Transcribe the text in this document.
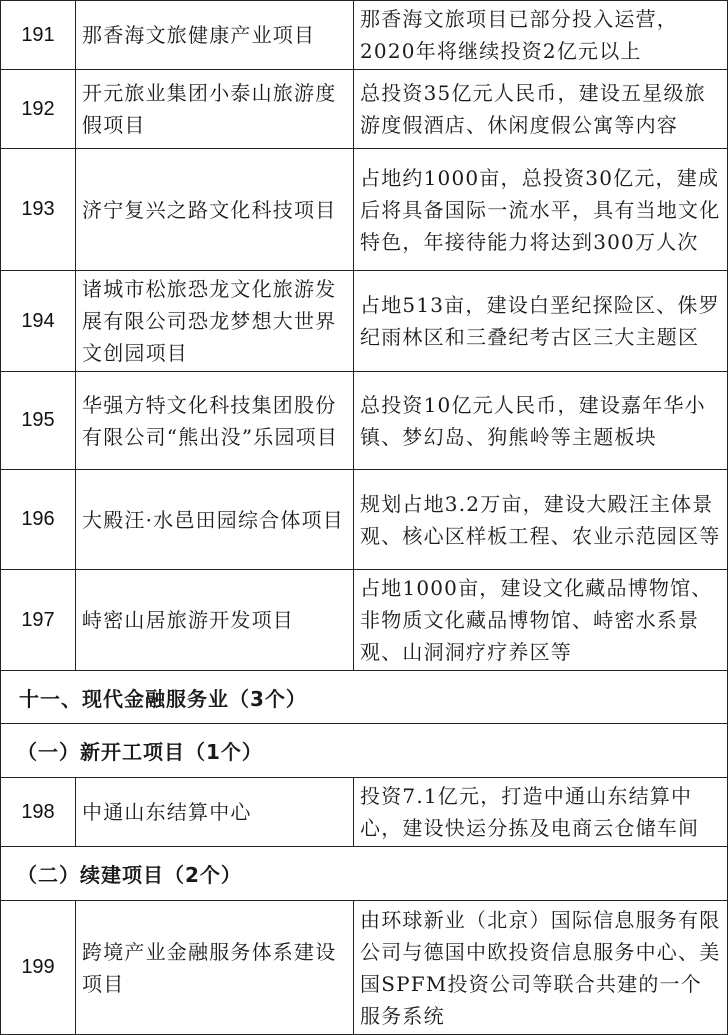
191	那香海文旅健康产业项目	那香海文旅项目已部分投入运营，2020年将继续投资2亿元以上
192	开元旅业集团小泰山旅游度假项目	总投资35亿元人民币，建设五星级旅游度假酒店、休闲度假公寓等内容
193	济宁复兴之路文化科技项目	占地约1000亩，总投资30亿元，建成后将具备国际一流水平，具有当地文化特色，年接待能力将达到300万人次
194	诸城市松旅恐龙文化旅游发展有限公司恐龙梦想大世界文创园项目	占地513亩，建设白垩纪探险区、侏罗纪雨林区和三叠纪考古区三大主题区
195	华强方特文化科技集团股份有限公司“熊出没”乐园项目	总投资10亿元人民币，建设嘉年华小镇、梦幻岛、狗熊岭等主题板块
196	大殿汪·水邑田园综合体项目	规划占地3.2万亩，建设大殿汪主体景观、核心区样板工程、农业示范园区等
197	峙密山居旅游开发项目	占地1000亩，建设文化藏品博物馆、非物质文化藏品博物馆、峙密水系景观、山洞洞疗疗养区等
十一、现代金融服务业（3个）		
（一）新开工项目（1个）		
198	中通山东结算中心	投资7.1亿元，打造中通山东结算中心，建设快运分拣及电商云仓储车间
（二）续建项目（2个）		
199	跨境产业金融服务体系建设项目	由环球新业（北京）国际信息服务有限公司与德国中欧投资信息服务中心、美国SPFM投资公司等联合共建的一个服务系统
